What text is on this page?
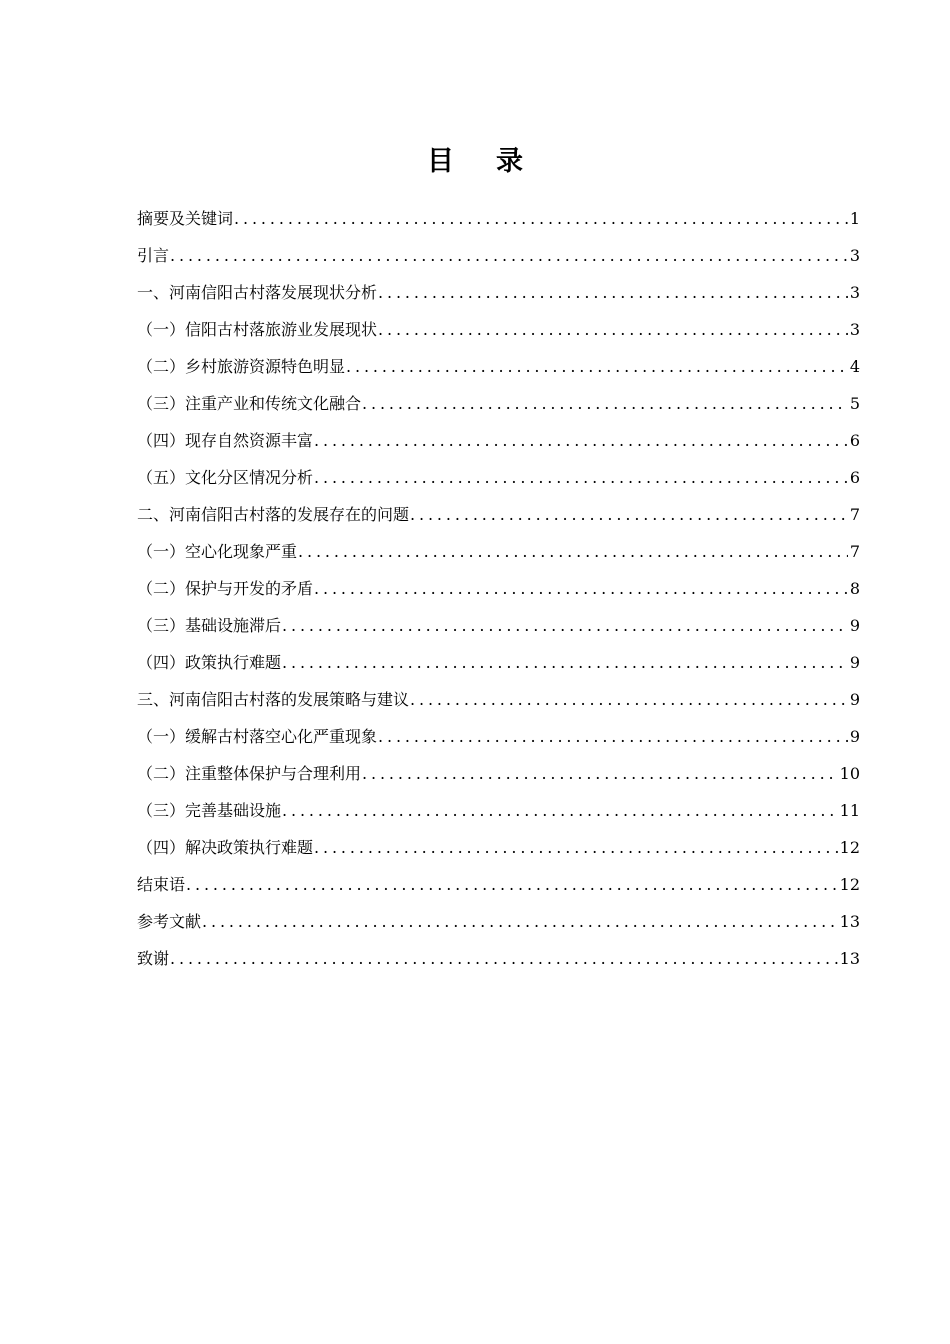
目录
摘要及关键词 . . .	1
引言 . . .	3
一、河南信阳古村落发展现状分析 . . .	3
（一）信阳古村落旅游业发展现状 . . .	3
（二）乡村旅游资源特色明显 . . .	4
（三）注重产业和传统文化融合 . . .	5
（四）现存自然资源丰富 . . .	6
（五）文化分区情况分析 . . .	6
二、河南信阳古村落的发展存在的问题 . . .	7
（一）空心化现象严重 . . .	7
（二）保护与开发的矛盾 . . .	8
（三）基础设施滞后 . . .	9
（四）政策执行难题 . . .	9
三、河南信阳古村落的发展策略与建议 . . .	9
（一）缓解古村落空心化严重现象 . . .	9
（二）注重整体保护与合理利用 . . .	10
（三）完善基础设施 . . .	11
（四）解决政策执行难题 . . .	12
结束语 . . .	12
参考文献 . . .	13
致谢 . . .	13
